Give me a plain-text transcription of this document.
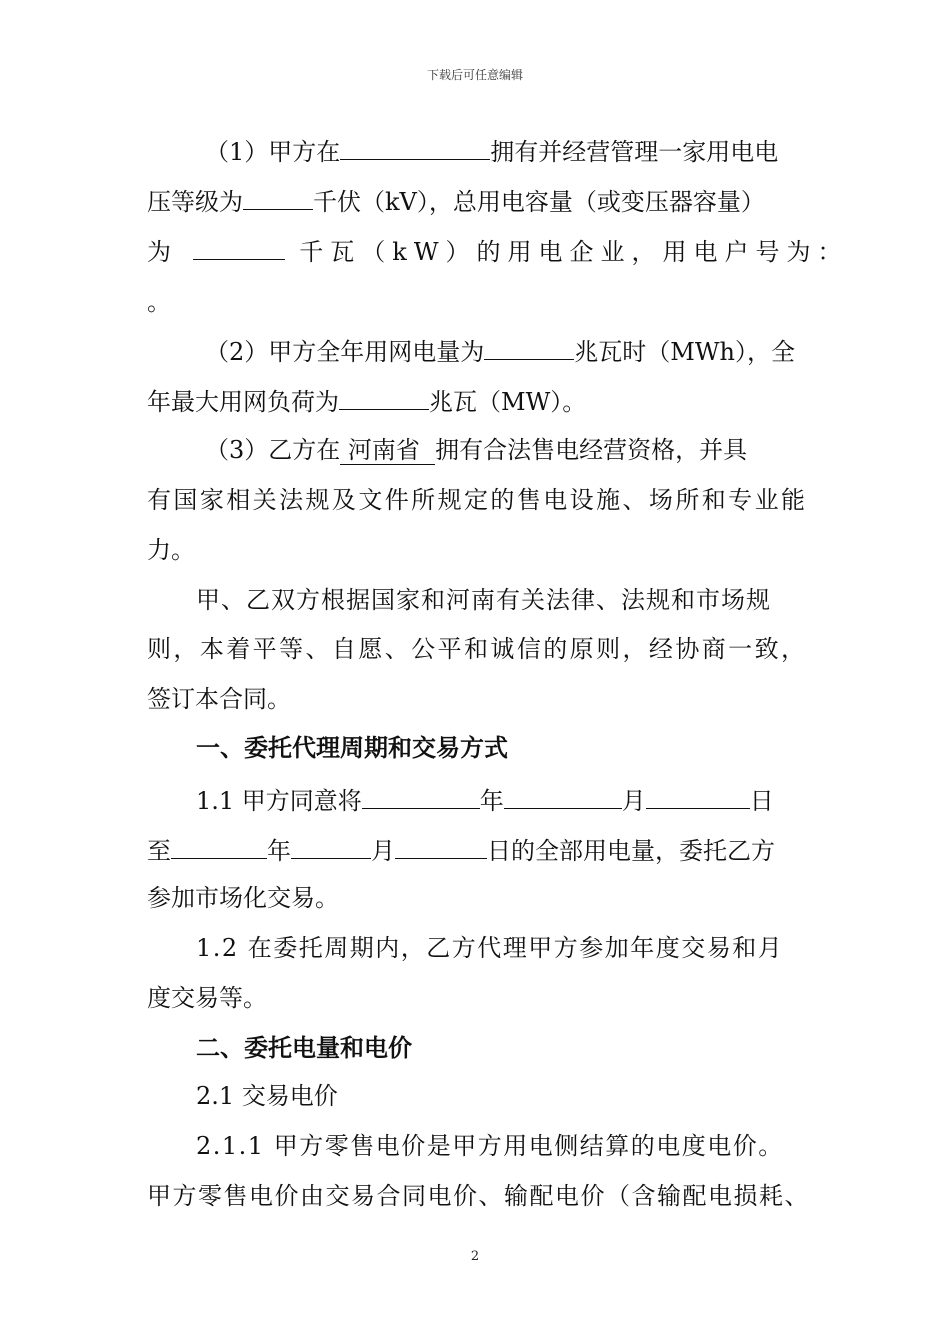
下载后可任意编辑
（1）甲方在	拥有并经营管理一家用电电
压等级为	千伏（kV），总用电容量（或变压器容量）
为	千瓦（kW）的用电企业，用电户号为：
。
（2）甲方全年用网电量为	兆瓦时（MWh），全
年最大用网负荷为	兆瓦（MW）。
（3）乙方在 河南省  拥有合法售电经营资格，并具
有国家相关法规及文件所规定的售电设施、场所和专业能
力。
甲、乙双方根据国家和河南有关法律、法规和市场规
则，本着平等、自愿、公平和诚信的原则，经协商一致，
签订本合同。
一、委托代理周期和交易方式
1.1 甲方同意将	年	月	日
至	年	月	日的全部用电量，委托乙方
参加市场化交易。
1.2 在委托周期内，乙方代理甲方参加年度交易和月
度交易等。
二、委托电量和电价
2.1 交易电价
2.1.1 甲方零售电价是甲方用电侧结算的电度电价。
甲方零售电价由交易合同电价、输配电价（含输配电损耗、
2
